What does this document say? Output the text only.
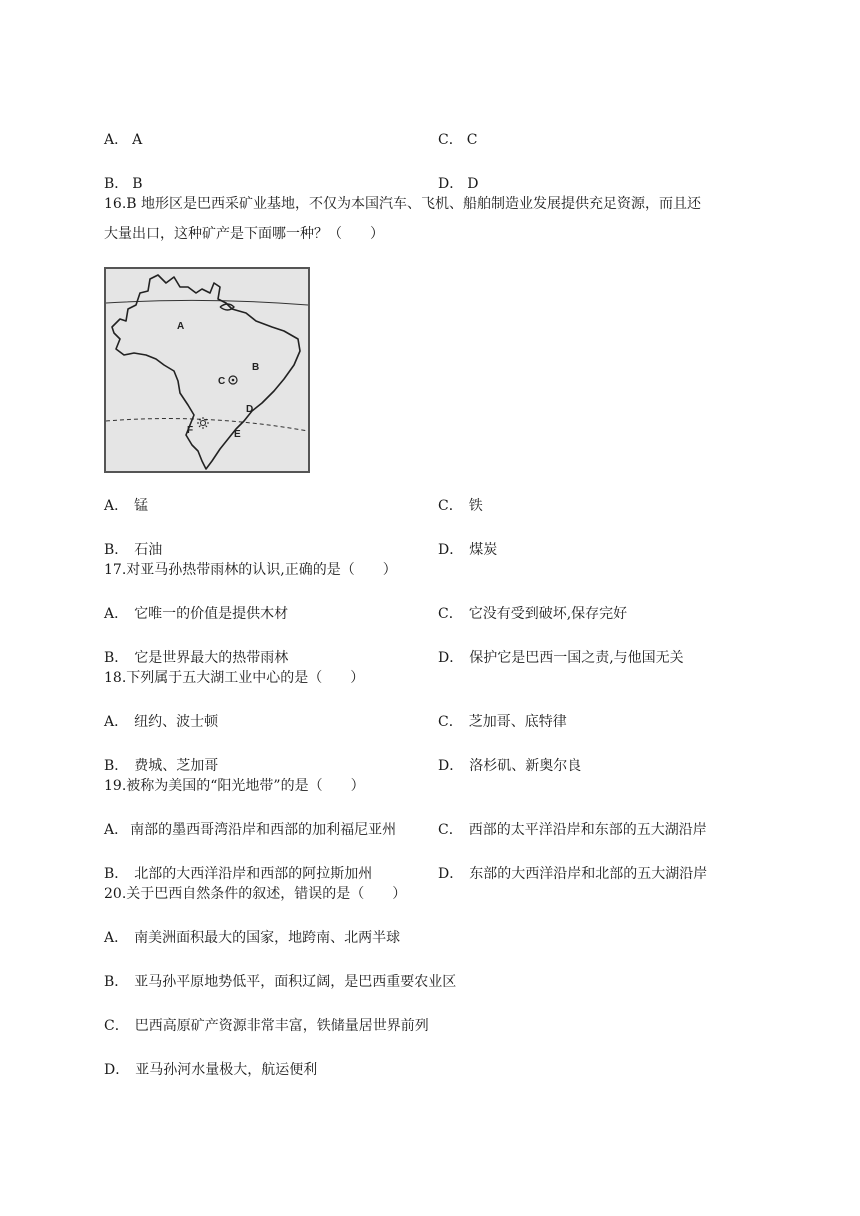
A． A	C． C
B． B	D． D
16.B 地形区是巴西采矿业基地，不仅为本国汽车、飞机、船舶制造业发展提供充足资源，而且还
大量出口，这种矿产是下面哪一种？（　　）
A
B
C
D
E
F
A． 锰	C． 铁
B． 石油	D． 煤炭
17.对亚马孙热带雨林的认识,正确的是（　　）
A． 它唯一的价值是提供木材	C． 它没有受到破坏,保存完好
B． 它是世界最大的热带雨林	D． 保护它是巴西一国之责,与他国无关
18.下列属于五大湖工业中心的是（　　）
A． 纽约、波士顿	C． 芝加哥、底特律
B． 费城、芝加哥	D． 洛杉矶、新奥尔良
19.被称为美国的“阳光地带”的是（　　）
A． 南部的墨西哥湾沿岸和西部的加利福尼亚州	C． 西部的太平洋沿岸和东部的五大湖沿岸
B． 北部的大西洋沿岸和西部的阿拉斯加州	D． 东部的大西洋沿岸和北部的五大湖沿岸
20.关于巴西自然条件的叙述，错误的是（　　）
A． 南美洲面积最大的国家，地跨南、北两半球
B． 亚马孙平原地势低平，面积辽阔，是巴西重要农业区
C． 巴西高原矿产资源非常丰富，铁储量居世界前列
D． 亚马孙河水量极大，航运便利
